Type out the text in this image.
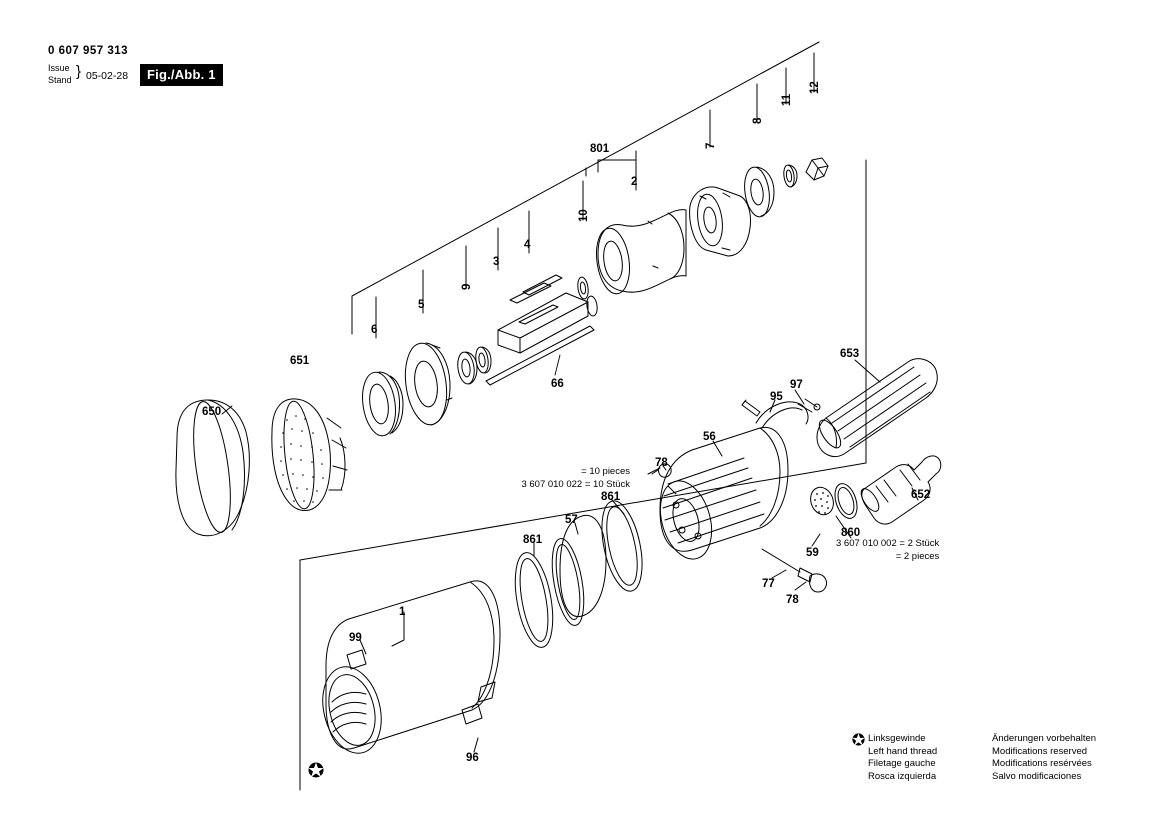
0 607 957 313
Issue
Stand } 05-02-28	Fig./Abb. 1
12
11
8
7
2
801
10
4
3
9
5
6
66
651
650
653
97
95
56
78
652
860
59
861
861
57
77
78
1
99
96
= 10 pieces
3 607 010 022 = 10 Stück
3 607 010 002 = 2 Stück
= 2 pieces
Linksgewinde
Left hand thread
Filetage gauche
Rosca izquierda
Änderungen vorbehalten
Modifications reserved
Modifications resérvées
Salvo modificaciones
